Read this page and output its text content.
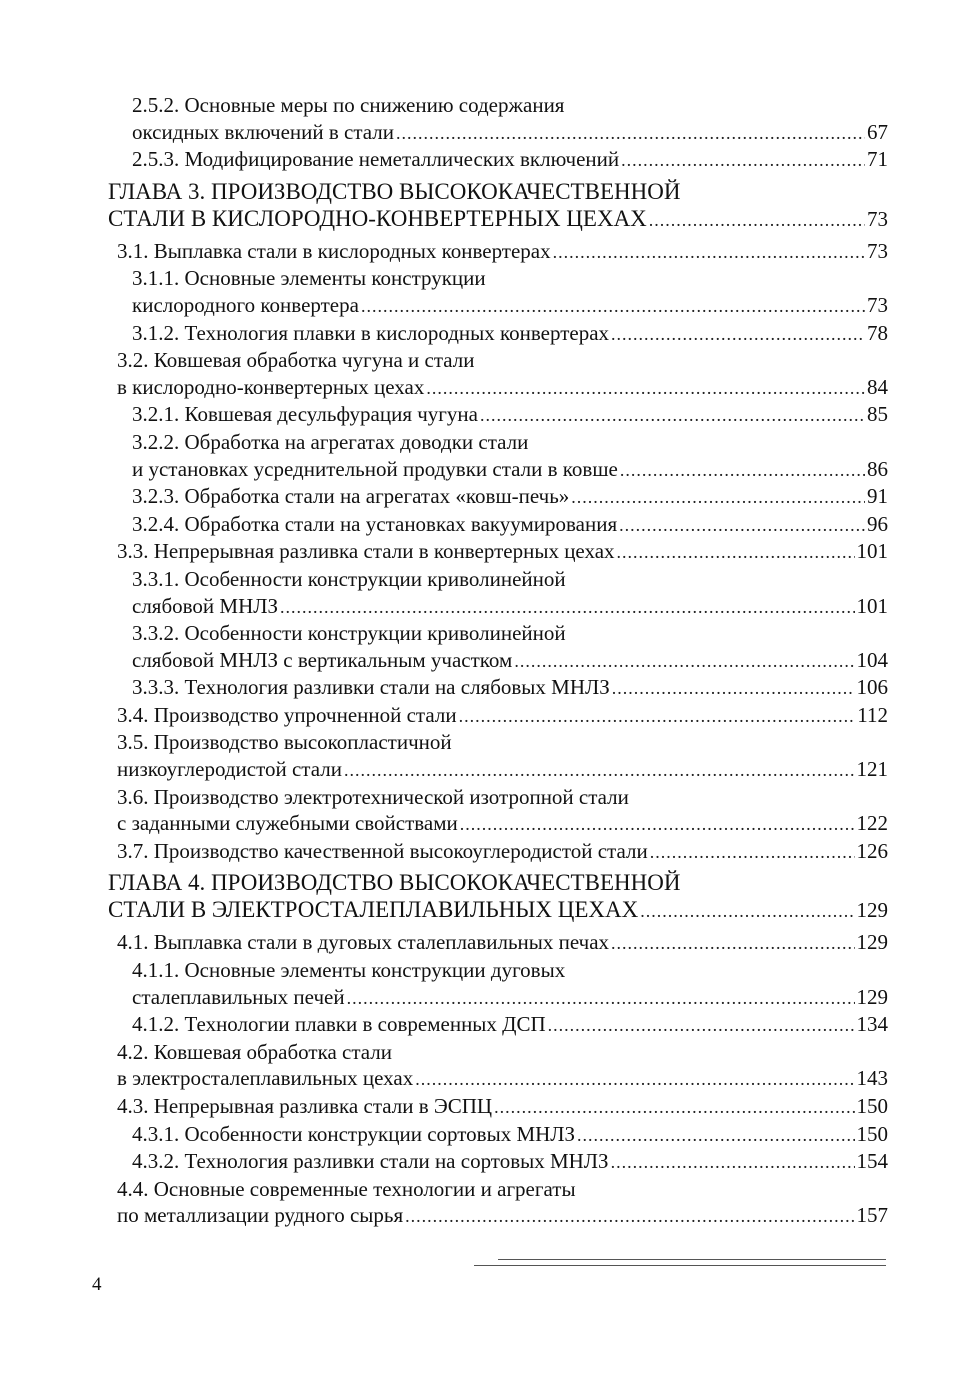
2.5.2. Основные меры по снижению содержания
оксидных включений в стали .....	67
2.5.3. Модифицирование неметаллических включений .....	71
ГЛАВА 3. ПРОИЗВОДСТВО ВЫСОКОКАЧЕСТВЕННОЙ
СТАЛИ В КИСЛОРОДНО-КОНВЕРТЕРНЫХ ЦЕХАХ .....	73
3.1. Выплавка стали в кислородных конвертерах .....	73
3.1.1. Основные элементы конструкции
кислородного конвертера .....	73
3.1.2. Технология плавки в кислородных конвертерах .....	78
3.2. Ковшевая обработка чугуна и стали
в кислородно-конвертерных цехах .....	84
3.2.1. Ковшевая десульфурация чугуна .....	85
3.2.2. Обработка на агрегатах доводки стали
и установках усреднительной продувки стали в ковше .....	86
3.2.3. Обработка стали на агрегатах «ковш-печь» .....	91
3.2.4. Обработка стали на установках вакуумирования .....	96
3.3. Непрерывная разливка стали в конвертерных цехах .....	101
3.3.1. Особенности конструкции криволинейной
слябовой МНЛЗ .....	101
3.3.2. Особенности конструкции криволинейной
слябовой МНЛЗ с вертикальным участком .....	104
3.3.3. Технология разливки стали на слябовых МНЛЗ .....	106
3.4. Производство упрочненной стали .....	112
3.5. Производство высокопластичной
низкоуглеродистой стали .....	121
3.6. Производство электротехнической изотропной стали
с заданными служебными свойствами .....	122
3.7. Производство качественной высокоуглеродистой стали .....	126
ГЛАВА 4. ПРОИЗВОДСТВО ВЫСОКОКАЧЕСТВЕННОЙ
СТАЛИ В ЭЛЕКТРОСТАЛЕПЛАВИЛЬНЫХ ЦЕХАХ .....	129
4.1. Выплавка стали в дуговых сталеплавильных печах .....	129
4.1.1. Основные элементы конструкции дуговых
сталеплавильных печей .....	129
4.1.2. Технологии плавки в современных ДСП .....	134
4.2. Ковшевая обработка стали
в электросталеплавильных цехах .....	143
4.3. Непрерывная разливка стали в ЭСПЦ .....	150
4.3.1. Особенности конструкции сортовых МНЛЗ .....	150
4.3.2. Технология разливки стали на сортовых МНЛЗ .....	154
4.4. Основные современные технологии и агрегаты
по металлизации рудного сырья .....	157
4
